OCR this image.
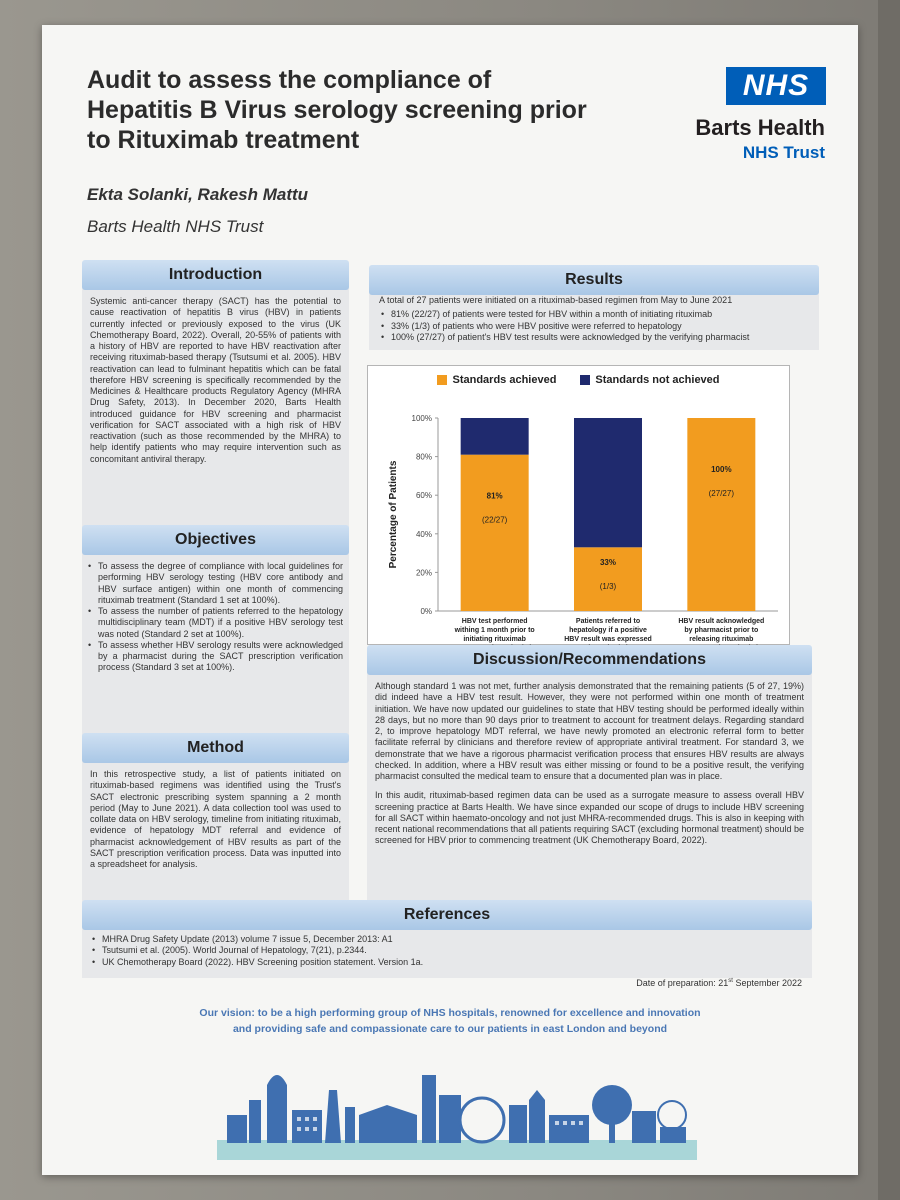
Audit to assess the compliance of Hepatitis B Virus serology screening prior to Rituximab treatment
Ekta Solanki, Rakesh Mattu
Barts Health NHS Trust
NHS
Barts Health
NHS Trust
Introduction

Systemic anti-cancer therapy (SACT) has the potential to cause reactivation of hepatitis B virus (HBV) in patients currently infected or previously exposed to the virus (UK Chemotherapy Board, 2022). Overall, 20-55% of patients with a history of HBV are reported to have HBV reactivation after receiving rituximab-based therapy (Tsutsumi et al. 2005). HBV reactivation can lead to fulminant hepatitis which can be fatal therefore HBV screening is specifically recommended by the Medicines & Healthcare products Regulatory Agency (MHRA Drug Safety, 2013). In December 2020, Barts Health introduced guidance for HBV screening and pharmacist verification for SACT associated with a high risk of HBV reactivation (such as those recommended by the MHRA) to help identify patients who may require intervention such as concomitant antiviral therapy.

Objectives
• To assess the degree of compliance with local guidelines for performing HBV serology testing (HBV core antibody and HBV surface antigen) within one month of commencing rituximab treatment (Standard 1 set at 100%).
• To assess the number of patients referred to the hepatology multidisciplinary team (MDT) if a positive HBV serology test was noted (Standard 2 set at 100%).
• To assess whether HBV serology results were acknowledged by a pharmacist during the SACT prescription verification process (Standard 3 set at 100%).
Method

In this retrospective study, a list of patients initiated on rituximab-based regimens was identified using the Trust's SACT electronic prescribing system spanning a 2 month period (May to June 2021). A data collection tool was used to collate data on HBV serology, timeline from initiating rituximab, evidence of hepatology MDT referral and evidence of pharmacist acknowledgement of HBV results as part of the SACT prescription verification process. Data was inputted into a spreadsheet for analysis.

Results

A total of 27 patients were initiated on a rituximab-based regimen from May to June 2021

• 81% (22/27) of patients were tested for HBV within a month of initiating rituximab
• 33% (1/3) of patients who were HBV positive were referred to hepatology
• 100% (27/27) of patient's HBV test results were acknowledged by the verifying pharmacist
Standards achieved	Standards not achieved
0%
20%
40%
60%
80%
100%
Percentage of Patients	81%
(22/27)
HBV test performed
withing 1 month prior to
initiating rituximab
33%
(1/3)
Patients referred to
hepatology if a positive
HBV result was expressed
100%
(27/27)
HBV result acknowledged
by pharmacist prior to
releasing rituximab
Discussion/Recommendations

Although standard 1 was not met, further analysis demonstrated that the remaining patients (5 of 27, 19%) did indeed have a HBV test result. However, they were not performed within one month of treatment initiation. We have now updated our guidelines to state that HBV testing should be performed ideally within 28 days, but no more than 90 days prior to treatment to account for treatment delays. Regarding standard 2, to improve hepatology MDT referral, we have newly promoted an electronic referral form to better facilitate referral by clinicians and therefore review of appropriate antiviral treatment. For standard 3, we demonstrate that we have a rigorous pharmacist verification process that ensures HBV results are always checked. In addition, where a HBV result was either missing or found to be a positive result, the verifying pharmacist consulted the medical team to ensure that a documented plan was in place.

In this audit, rituximab-based regimen data can be used as a surrogate measure to assess overall HBV screening practice at Barts Health. We have since expanded our scope of drugs to include HBV screening for all SACT within haemato-oncology and not just MHRA-recommended drugs. This is also in keeping with recent national recommendations that all patients requiring SACT (excluding hormonal treatment) should be screened for HBV prior to commencing treatment (UK Chemotherapy Board, 2022).

References
• MHRA Drug Safety Update (2013) volume 7 issue 5, December 2013: A1
• Tsutsumi et al. (2005). World Journal of Hepatology, 7(21), p.2344.
• UK Chemotherapy Board (2022). HBV Screening position statement. Version 1a.
Date of preparation: 21st September 2022
Our vision: to be a high performing group of NHS hospitals, renowned for excellence and innovation
and providing safe and compassionate care to our patients in east London and beyond
